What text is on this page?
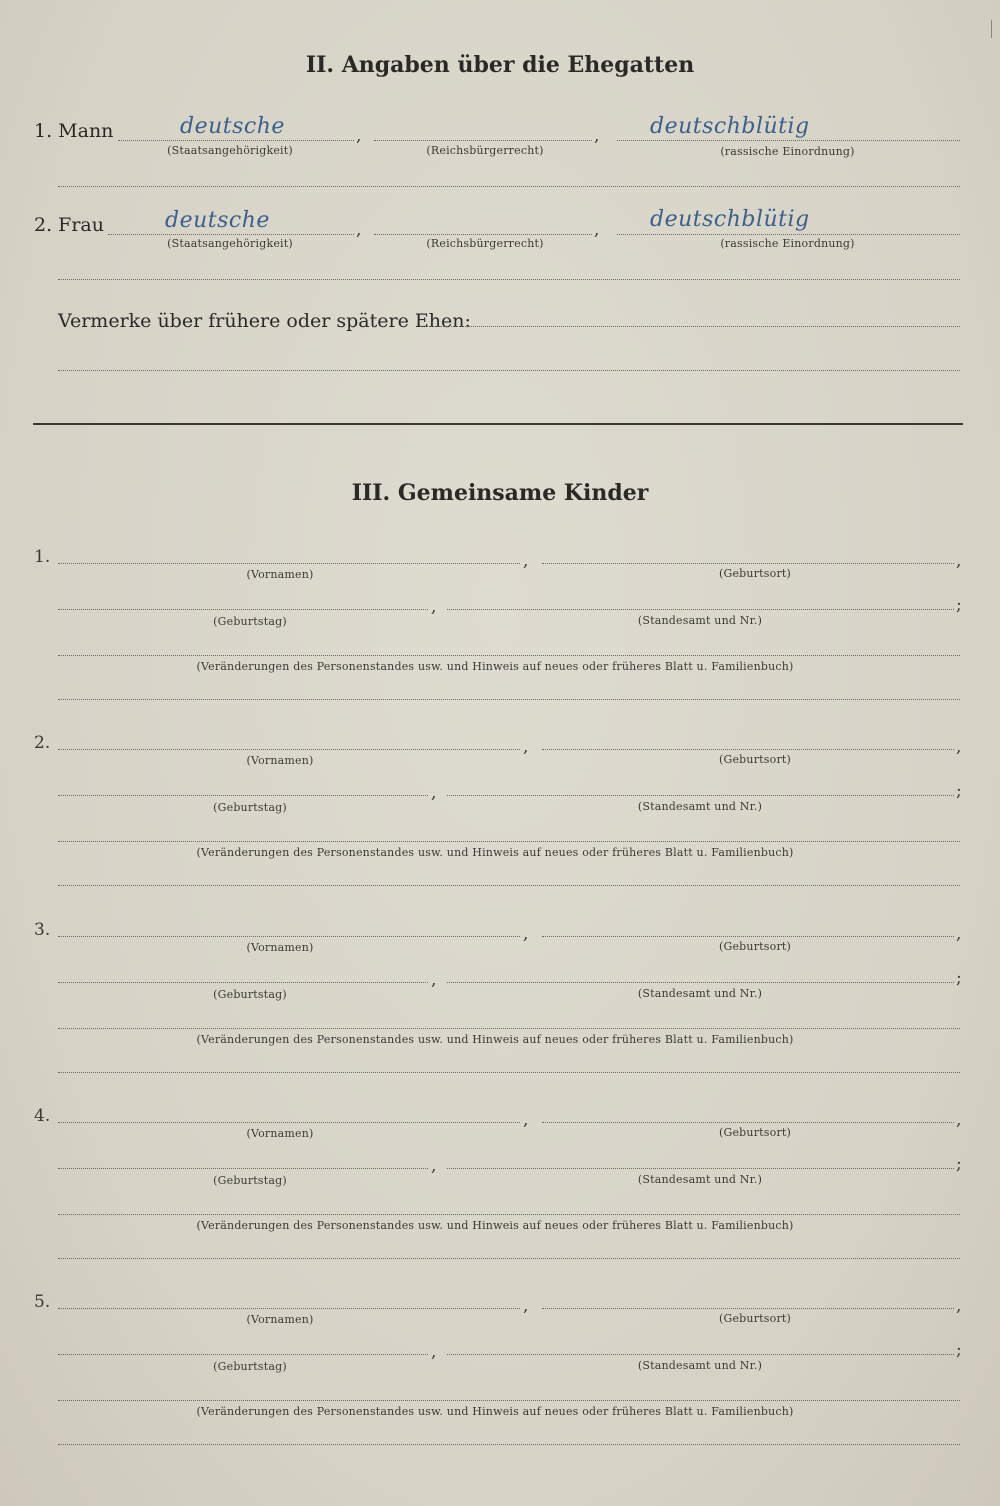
II. Angaben über die Ehegatten
1. Mann	deutsche	,	, deutschblütig
(Staatsangehörigkeit)	(Reichsbürgerrecht)	(rassische Einordnung)
2. Frau	deutsche	,	, deutschblütig
(Staatsangehörigkeit)	(Reichsbürgerrecht)	(rassische Einordnung)
Vermerke über frühere oder spätere Ehen:
III. Gemeinsame Kinder
1.	,	,
(Vornamen)	(Geburtsort)
,	;
(Geburtstag)	(Standesamt und Nr.)
(Veränderungen des Personenstandes usw. und Hinweis auf neues oder früheres Blatt u. Familienbuch)
2.	,	,
(Vornamen)	(Geburtsort)
,	;
(Geburtstag)	(Standesamt und Nr.)
(Veränderungen des Personenstandes usw. und Hinweis auf neues oder früheres Blatt u. Familienbuch)
3.	,	,
(Vornamen)	(Geburtsort)
,	;
(Geburtstag)	(Standesamt und Nr.)
(Veränderungen des Personenstandes usw. und Hinweis auf neues oder früheres Blatt u. Familienbuch)
4.	,	,
(Vornamen)	(Geburtsort)
,	;
(Geburtstag)	(Standesamt und Nr.)
(Veränderungen des Personenstandes usw. und Hinweis auf neues oder früheres Blatt u. Familienbuch)
5.	,	,
(Vornamen)	(Geburtsort)
,	;
(Geburtstag)	(Standesamt und Nr.)
(Veränderungen des Personenstandes usw. und Hinweis auf neues oder früheres Blatt u. Familienbuch)
